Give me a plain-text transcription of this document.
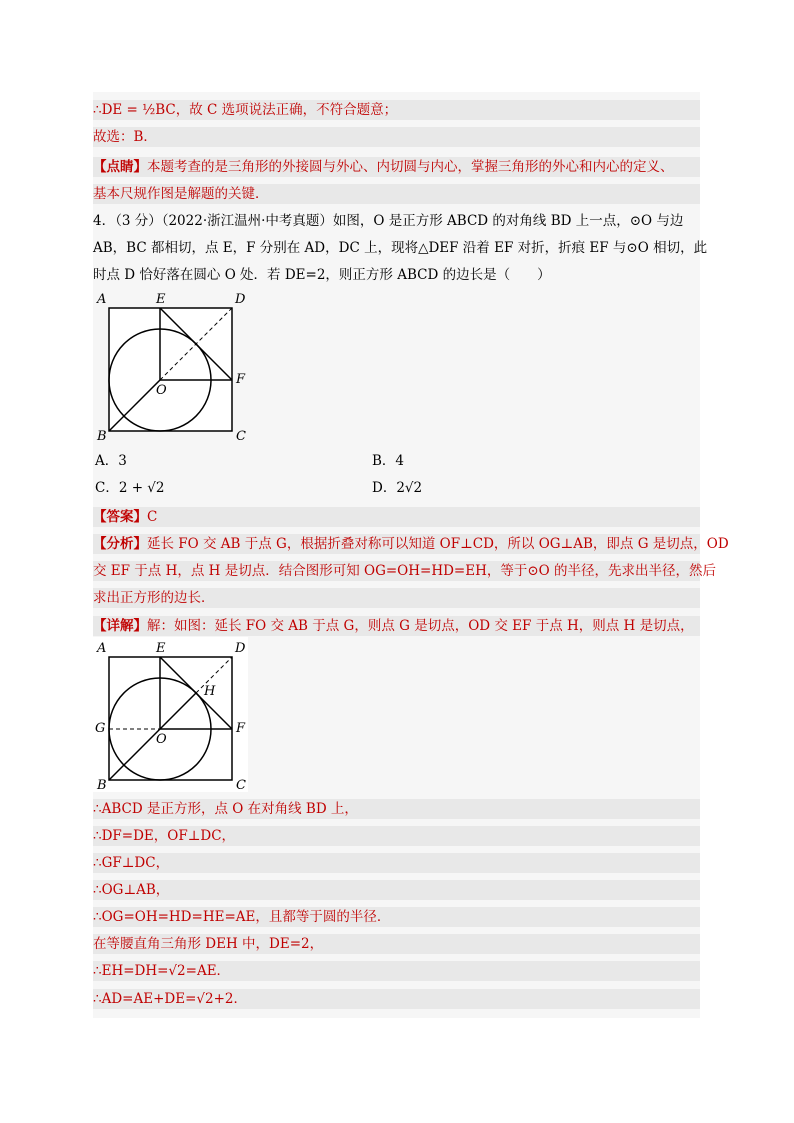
∴DE = ½BC，故 C 选项说法正确，不符合题意；
故选：B．
【点睛】本题考查的是三角形的外接圆与外心、内切圆与内心，掌握三角形的外心和内心的定义、
基本尺规作图是解题的关键．
4．（3 分）（2022·浙江温州·中考真题）如图，O 是正方形 ABCD 的对角线 BD 上一点，⊙O 与边
AB，BC 都相切，点 E，F 分别在 AD，DC 上，现将△DEF 沿着 EF 对折，折痕 EF 与⊙O 相切，此
时点 D 恰好落在圆心 O 处．若 DE=2，则正方形 ABCD 的边长是（　　）
A	E	D
O
F
B	C
A．3	B．4
C．2 + √2	D．2√2
【答案】C
【分析】延长 FO 交 AB 于点 G，根据折叠对称可以知道 OF⊥CD，所以 OG⊥AB，即点 G 是切点，OD
交 EF 于点 H，点 H 是切点．结合图形可知 OG=OH=HD=EH，等于⊙O 的半径，先求出半径，然后
求出正方形的边长．
【详解】解：如图：延长 FO 交 AB 于点 G，则点 G 是切点，OD 交 EF 于点 H，则点 H 是切点，
A	E	D
H
G
O
F
B	C
∴ABCD 是正方形，点 O 在对角线 BD 上，
∴DF=DE，OF⊥DC，
∴GF⊥DC，
∴OG⊥AB，
∴OG=OH=HD=HE=AE，且都等于圆的半径．
在等腰直角三角形 DEH 中，DE=2，
∴EH=DH=√2=AE．
∴AD=AE+DE=√2+2．
